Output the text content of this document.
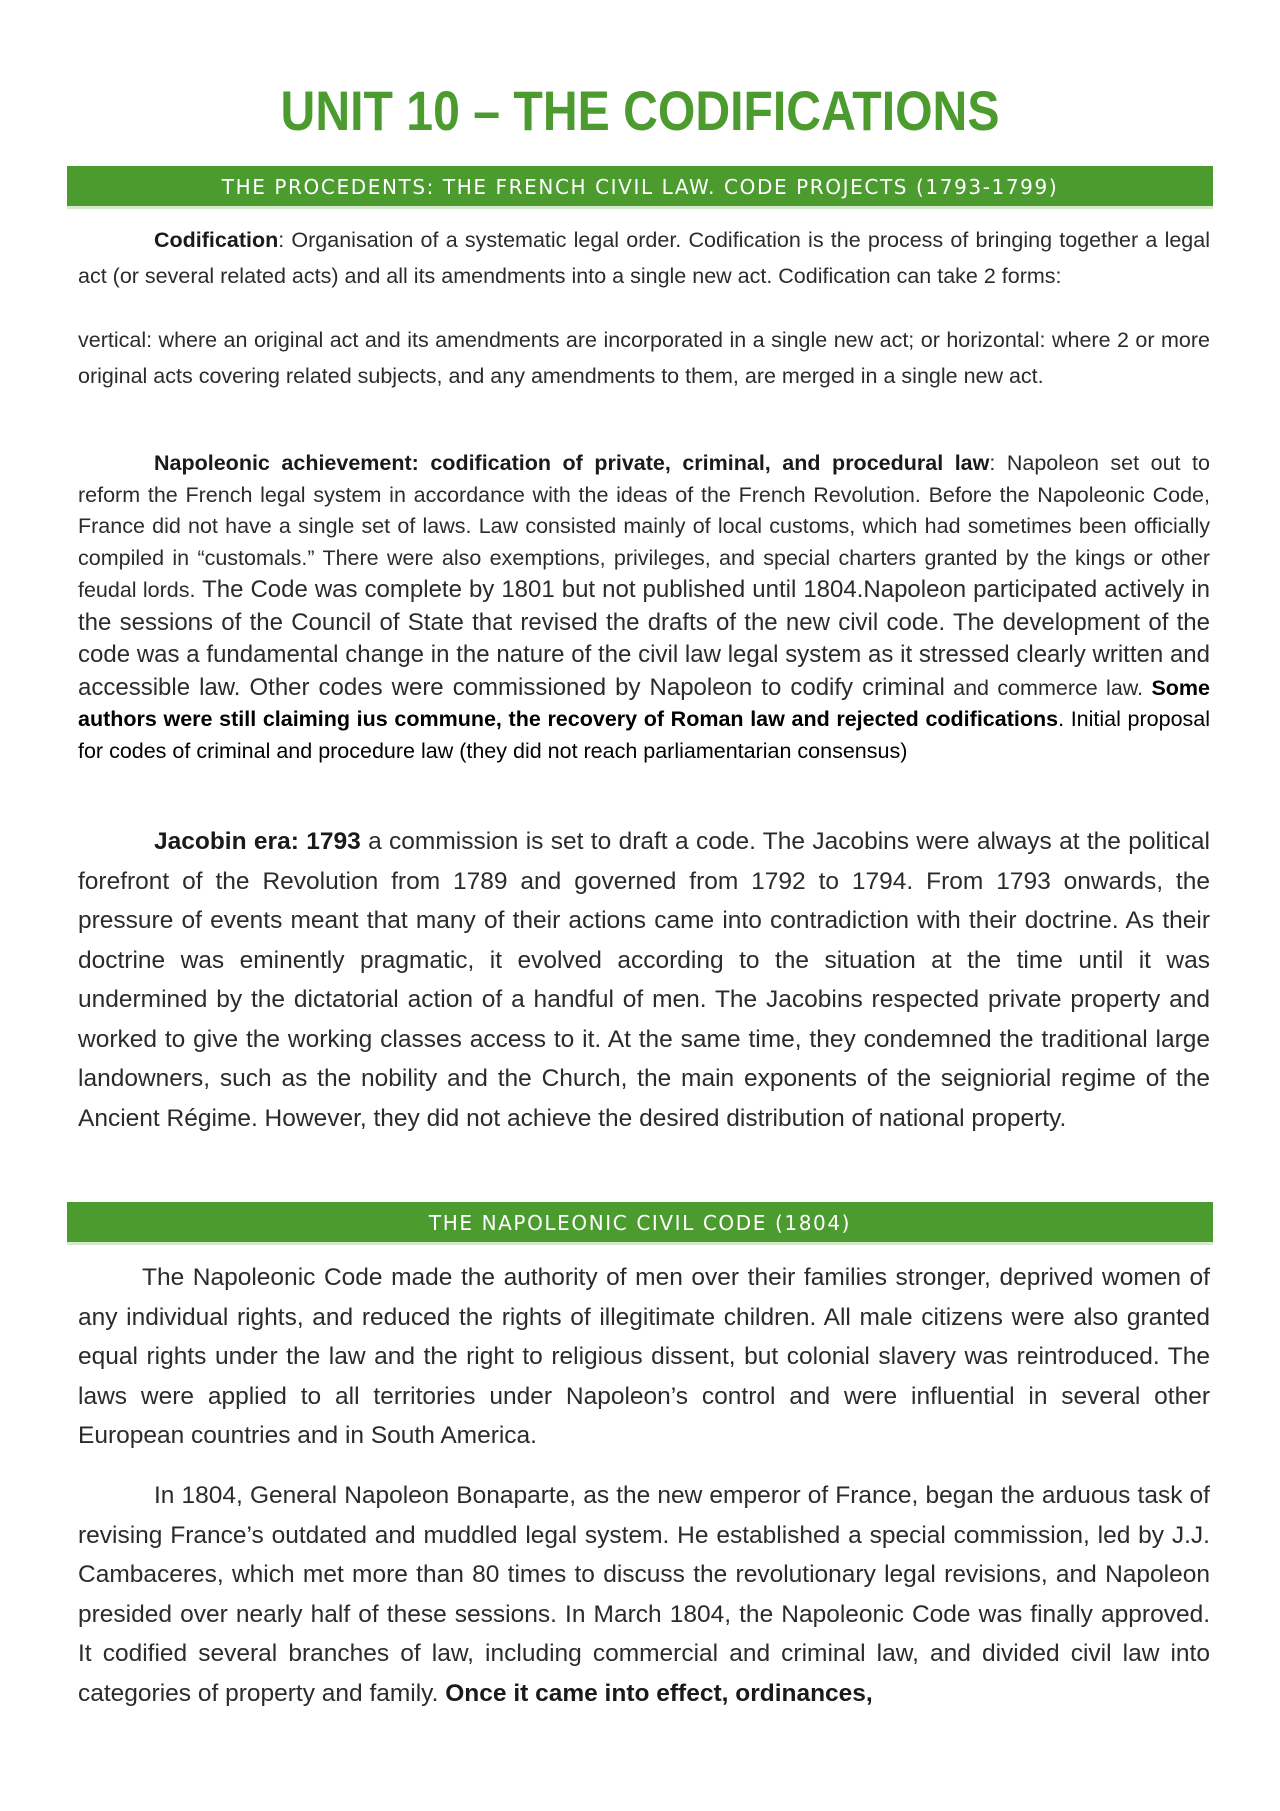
UNIT 10 – THE CODIFICATIONS
THE PROCEDENTS: THE FRENCH CIVIL LAW. CODE PROJECTS (1793-1799)

Codification: Organisation of a systematic legal order. Codification is the process of bringing together a legal act (or several related acts) and all its amendments into a single new act. Codification can take 2 forms:

vertical: where an original act and its amendments are incorporated in a single new act; or horizontal: where 2 or more original acts covering related subjects, and any amendments to them, are merged in a single new act.

Napoleonic achievement: codification of private, criminal, and procedural law: Napoleon set out to reform the French legal system in accordance with the ideas of the French Revolution. Before the Napoleonic Code, France did not have a single set of laws. Law consisted mainly of local customs, which had sometimes been officially compiled in “customals.” There were also exemptions, privileges, and special charters granted by the kings or other feudal lords. The Code was complete by 1801 but not published until 1804.Napoleon participated actively in the sessions of the Council of State that revised the drafts of the new civil code. The development of the code was a fundamental change in the nature of the civil law legal system as it stressed clearly written and accessible law. Other codes were commissioned by Napoleon to codify criminal and commerce law. Some authors were still claiming ius commune, the recovery of Roman law and rejected codifications. Initial proposal for codes of criminal and procedure law (they did not reach parliamentarian consensus)

Jacobin era: 1793 a commission is set to draft a code. The Jacobins were always at the political forefront of the Revolution from 1789 and governed from 1792 to 1794. From 1793 onwards, the pressure of events meant that many of their actions came into contradiction with their doctrine. As their doctrine was eminently pragmatic, it evolved according to the situation at the time until it was undermined by the dictatorial action of a handful of men. The Jacobins respected private property and worked to give the working classes access to it. At the same time, they condemned the traditional large landowners, such as the nobility and the Church, the main exponents of the seigniorial regime of the Ancient Régime. However, they did not achieve the desired distribution of national property.

THE NAPOLEONIC CIVIL CODE (1804)

The Napoleonic Code made the authority of men over their families stronger, deprived women of any individual rights, and reduced the rights of illegitimate children. All male citizens were also granted equal rights under the law and the right to religious dissent, but colonial slavery was reintroduced. The laws were applied to all territories under Napoleon’s control and were influential in several other European countries and in South America.

In 1804, General Napoleon Bonaparte, as the new emperor of France, began the arduous task of revising France’s outdated and muddled legal system. He established a special commission, led by J.J. Cambaceres, which met more than 80 times to discuss the revolutionary legal revisions, and Napoleon presided over nearly half of these sessions. In March 1804, the Napoleonic Code was finally approved. It codified several branches of law, including commercial and criminal law, and divided civil law into categories of property and family. Once it came into effect, ordinances,
